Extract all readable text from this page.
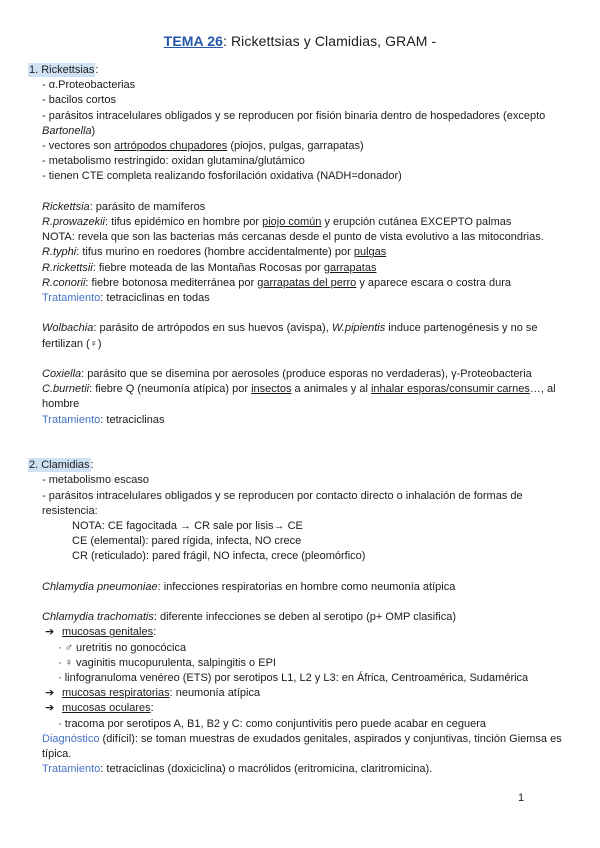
TEMA 26: Rickettsias y Clamidias, GRAM -
1. Rickettsias:
- α.Proteobacterias
- bacilos cortos
- parásitos intracelulares obligados y se reproducen por fisión binaria dentro de hospedadores (excepto Bartonella)
- vectores son artrópodos chupadores (piojos, pulgas, garrapatas)
- metabolismo restringido: oxidan glutamina/glutámico
- tienen CTE completa realizando fosforilación oxidativa (NADH=donador)
Rickettsia: parásito de mamíferos
R.prowazekii: tifus epidémico en hombre por piojo común y erupción cutánea EXCEPTO palmas
NOTA: revela que son las bacterias más cercanas desde el punto de vista evolutivo a las mitocondrias.
R.typhi: tifus murino en roedores (hombre accidentalmente) por pulgas
R.rickettsii: fiebre moteada de las Montañas Rocosas por garrapatas
R.conorii: fiebre botonosa mediterránea por garrapatas del perro y aparece escara o costra dura
Tratamiento: tetraciclinas en todas
Wolbachia: parásito de artrópodos en sus huevos (avispa), W.pipientis induce partenogénesis y no se fertilizan (♀)
Coxiella: parásito que se disemina por aerosoles (produce esporas no verdaderas), γ-Proteobacteria
C.burnetii: fiebre Q (neumonía atípica) por insectos a animales y al inhalar esporas/consumir carnes…, al hombre
Tratamiento: tetraciclinas
2. Clamidias:
- metabolismo escaso
- parásitos intracelulares obligados y se reproducen por contacto directo o inhalación de formas de resistencia:
NOTA: CE fagocitada → CR sale por lisis→ CE
CE (elemental): pared rígida, infecta, NO crece
CR (reticulado): pared frágil, NO infecta, crece (pleomórfico)
Chlamydia pneumoniae: infecciones respiratorias en hombre como neumonía atípica
Chlamydia trachomatis: diferente infecciones se deben al serotipo (p+ OMP clasifica)
➔ mucosas genitales:
· ♂ uretritis no gonocócica
· ♀ vaginitis mucopurulenta, salpingitis o EPI
· linfogranuloma venéreo (ETS) por serotipos L1, L2 y L3: en África, Centroamérica, Sudamérica
➔ mucosas respiratorias: neumonía atípica
➔ mucosas oculares:
· tracoma por serotipos A, B1, B2 y C: como conjuntivitis pero puede acabar en ceguera
Diagnóstico (difícil): se toman muestras de exudados genitales, aspirados y conjuntivas, tinción Giemsa es típica.
Tratamiento: tetraciclinas (doxiciclina) o macrólidos (eritromicina, claritromicina).
1
